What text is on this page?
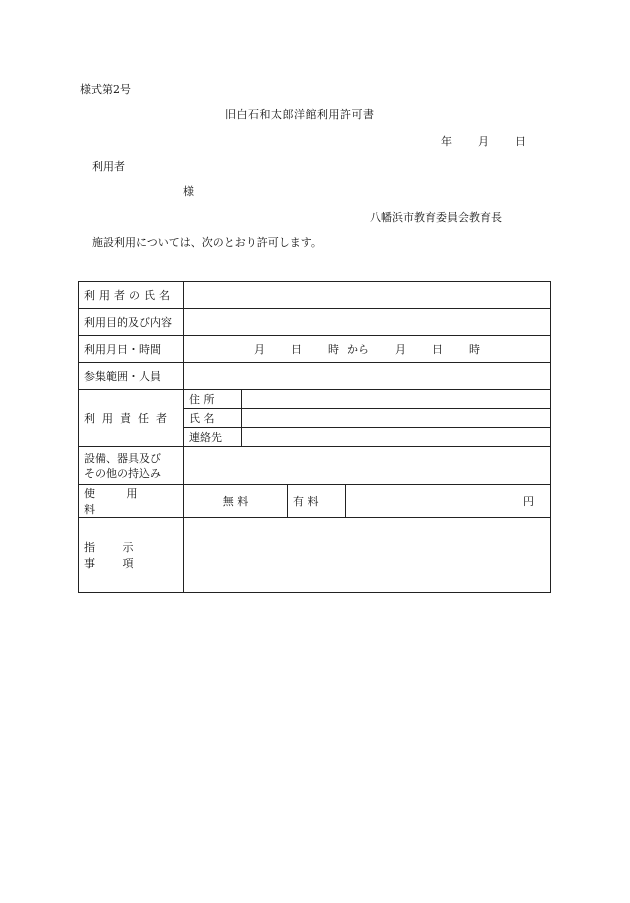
様式第2号
旧白石和太郎洋館利用許可書
年 月 日
利用者
様
八幡浜市教育委員会教育長
施設利用については、次のとおり許可します。
利用者の氏名				
利用目的及び内容				
利用月日・時間	月 日 時 から 月 日 時			
参集範囲・人員				
利用責任者	住 所			
	氏 名			
	連絡先			

設備、器具及び
その他の持込み				

使 用 料	無 料		有 料	円
指 示 事 項				
